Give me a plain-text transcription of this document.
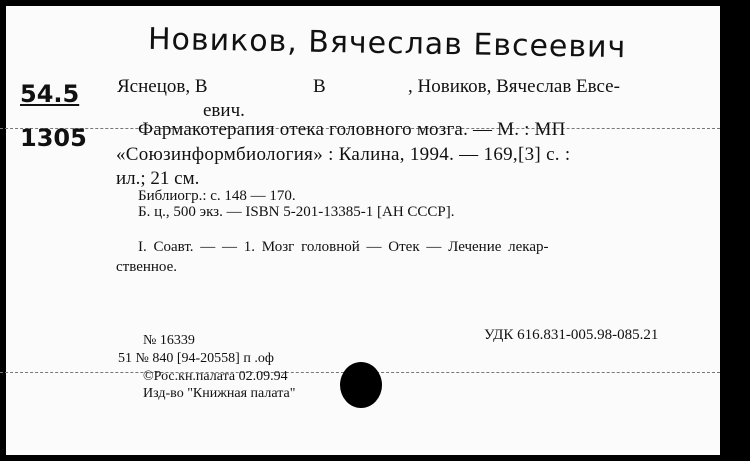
Новиков, Вячеслав Евсеевич
54.5
1305
Яснецов, В	В	, Новиков, Вячеслав Евсе-
евич.
Фармакотерапия отека головного мозга. — М. : МП
«Союзинформбиология» : Калина, 1994. — 169,[3] с. :
ил.; 21 см.
Библиогр.: с. 148 — 170.
Б. ц., 500 экз. — ISBN 5-201-13385-1 [АН СССР].
I. Соавт. — — 1. Мозг головной — Отек — Лечение лекар-
ственное.
№ 16339	УДК 616.831-005.98-085.21
51 № 840 [94-20558] п .оф
©Рос.кн.палата 02.09.94
Изд-во "Книжная палата"
